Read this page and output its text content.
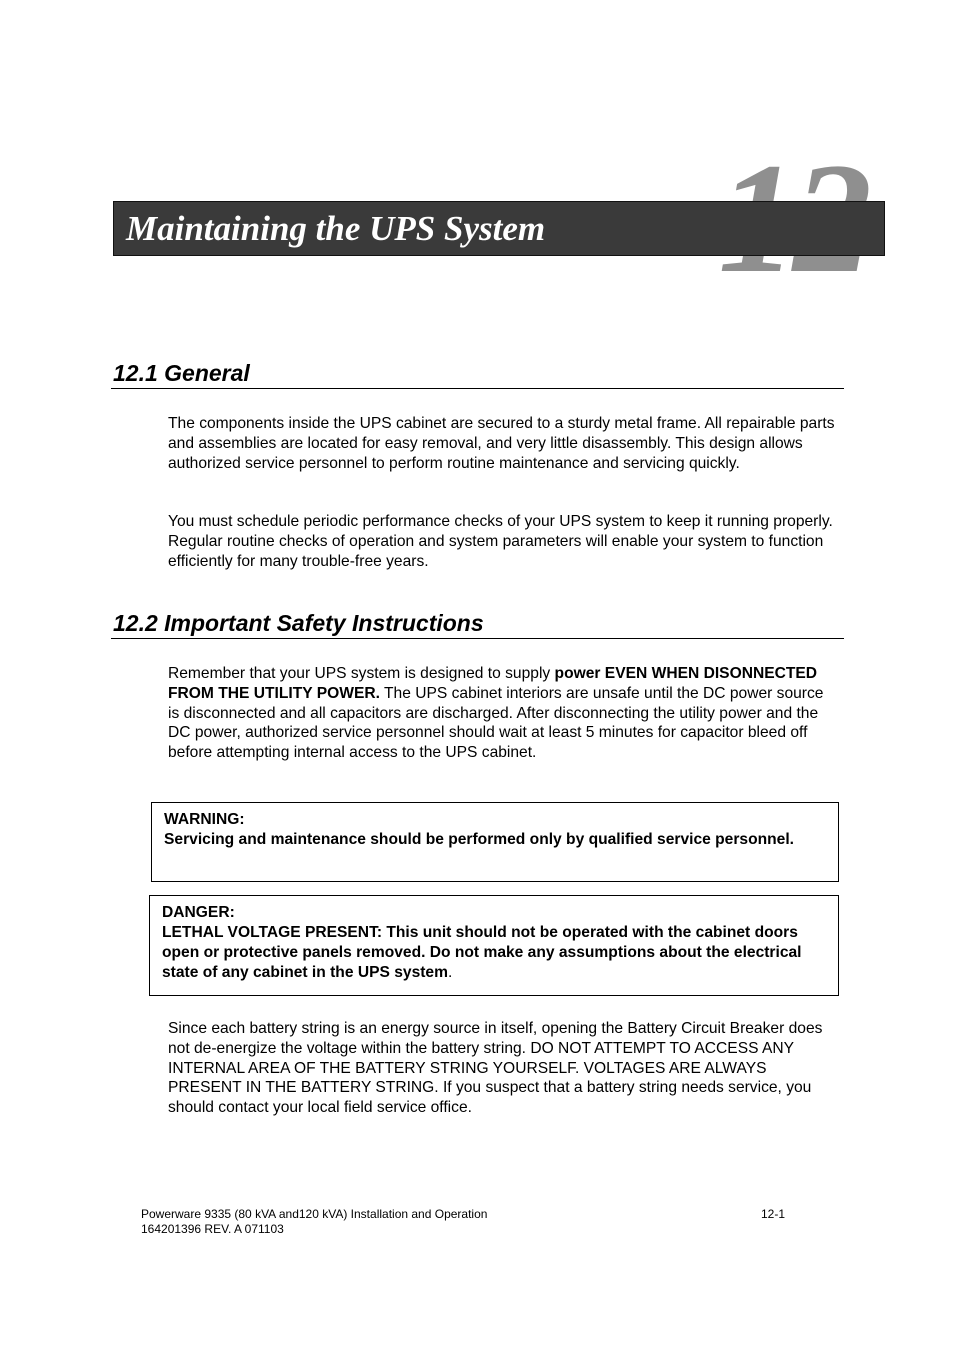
Maintaining the UPS System
12.1 General

The components inside the UPS cabinet are secured to a sturdy metal frame. All repairable parts and assemblies are located for easy removal, and very little disassembly. This design allows authorized service personnel to perform routine maintenance and servicing quickly.

You must schedule periodic performance checks of your UPS system to keep it running properly. Regular routine checks of operation and system parameters will enable your system to function efficiently for many trouble-free years.

12.2 Important Safety Instructions

Remember that your UPS system is designed to supply power EVEN WHEN DISONNECTED FROM THE UTILITY POWER. The UPS cabinet interiors are unsafe until the DC power source is disconnected and all capacitors are discharged. After disconnecting the utility power and the DC power, authorized service personnel should wait at least 5 minutes for capacitor bleed off before attempting internal access to the UPS cabinet.

WARNING:
Servicing and maintenance should be performed only by qualified service personnel.
DANGER:
LETHAL VOLTAGE PRESENT: This unit should not be operated with the cabinet doors open or protective panels removed. Do not make any assumptions about the electrical state of any cabinet in the UPS system.

Since each battery string is an energy source in itself, opening the Battery Circuit Breaker does not de-energize the voltage within the battery string. DO NOT ATTEMPT TO ACCESS ANY INTERNAL AREA OF THE BATTERY STRING YOURSELF. VOLTAGES ARE ALWAYS PRESENT IN THE BATTERY STRING. If you suspect that a battery string needs service, you should contact your local field service office.

Powerware 9335 (80 kVA and120 kVA) Installation and Operation
164201396 REV. A 071103
12-1
